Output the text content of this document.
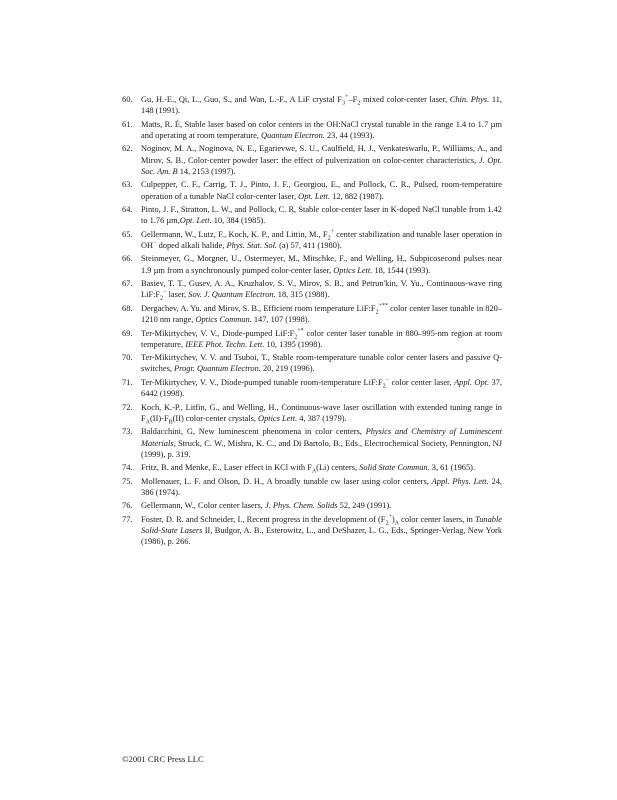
60.	Gu, H.-E., Qi, L., Guo, S., and Wan, L.-F., A LiF crystal $F_3^+-F_2$ mixed color-center laser, Chin. Phys. 11, 148 (1991).
61.	Matts, R. É, Stable laser based on color centers in the OH:NaCl crystal tunable in the range 1.4 to 1.7 µm and operating at room temperature, Quantum Electron. 23, 44 (1993).
62.	Noginov, M. A., Noginova, N. E., Egarievwe, S. U., Caulfield, H. J., Venkateswarlu, P., Williams, A., and Mirov, S. B., Color-center powder laser: the effect of pulverization on color-center characteristics, J. Opt. Soc. Am. B 14, 2153 (1997).
63.	Culpepper, C. F., Carrig, T. J., Pinto, J. F., Georgiou, E., and Pollock, C. R., Pulsed, room-temperature operation of a tunable NaCl color-center laser, Opt. Lett. 12, 882 (1987).
64.	Pinto, J. F., Stratton, L. W., and Pollock, C. R, Stable color-center laser in K-doped NaCl tunable from 1.42 to 1.76 µm,Opt. Lett. 10, 384 (1985).
65.	Gellermann, W., Lutz, F., Koch, K. P., and Littin, M., $F_2^+$ center stabilization and tunable laser operation in OH− doped alkali halide, Phys. Stat. Sol. (a) 57, 411 (1980).
66.	Steinmeyer, G., Morgner, U., Ostermeyer, M., Mitschke, F., and Welling, H., Subpicosecond pulses near 1.9 µm from a synchronously pumped color-center laser, Optics Lett. 18, 1544 (1993).
67.	Basiev, T. T., Gusev, A. A., Kruzhalov, S. V., Mirov, S. B., and Petrun'kin, V. Yu., Continuous-wave ring $LiF:F_2^-$ laser, Sov. J. Quantum Electron. 18, 315 (1988).
68.	Dergachev, A. Yu. and Mirov, S. B., Efficient room temperature $LiF:F_2^{+**}$ color center laser tunable in 820–1210 nm range, Optics Commun. 147, 107 (1998).
69.	Ter-Mikirtychev, V. V., Diode-pumped $LiF:F_2^{+*}$ color center laser tunable in 880–995-nm region at room temperature, IEEE Phot. Techn. Lett. 10, 1395 (1998).
70.	Ter-Mikirtychev, V. V. and Tsuboi, T., Stable room-temperature tunable color center lasers and passive Q-switches, Progr. Quantum Electron. 20, 219 (1996).
71.	Ter-Mikirtychev, V. V., Diode-pumped tunable room-temperature $LiF:F_2^-$ color center laser, Appl. Opt. 37, 6442 (1998).
72.	Koch, K.-P., Litfin, G., and Welling, H., Continuous-wave laser oscillation with extended tuning range in $F_A(II)-F_B(II)$ color-center crystals, Optics Lett. 4, 387 (1979).
73.	Baldacchini, G, New luminescent phenomena in color centers, Physics and Chemistry of Luminescent Materials, Struck, C. W., Mishra, K. C., and Di Bartolo, B., Eds., Electrochemical Society, Pennington, NJ (1999), p. 319.
74.	Fritz, B. and Menke, E., Laser effect in KCl with $F_A(Li)$ centers, Solid State Commun. 3, 61 (1965).
75.	Mollenauer, L. F. and Olson, D. H., A broadly tunable cw laser using color centers, Appl. Phys. Lett. 24, 386 (1974).
76.	Gellermann, W., Color center lasers, J. Phys. Chem. Solids 52, 249 (1991).
77.	Foster, D. R. and Schneider, I., Recent progress in the development of $(F_2^+)_A$ color center lasers, in Tunable Solid-State Lasers II, Budgor, A. B., Esterowitz, L., and DeShazer, L. G., Eds., Springer-Verlag, New York (1986), p. 266.
©2001 CRC Press LLC
